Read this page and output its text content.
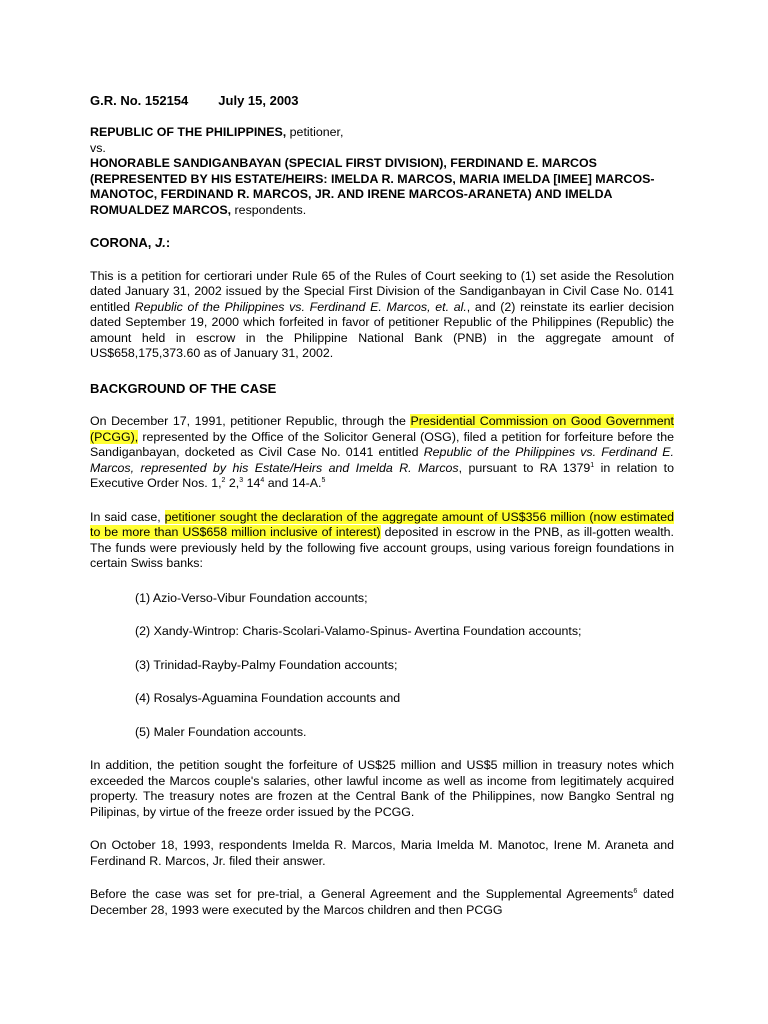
G.R. No. 152154 July 15, 2003

REPUBLIC OF THE PHILIPPINES, petitioner,

vs.

HONORABLE SANDIGANBAYAN (SPECIAL FIRST DIVISION), FERDINAND E. MARCOS (REPRESENTED BY HIS ESTATE/HEIRS: IMELDA R. MARCOS, MARIA IMELDA [IMEE] MARCOS-MANOTOC, FERDINAND R. MARCOS, JR. AND IRENE MARCOS-ARANETA) AND IMELDA ROMUALDEZ MARCOS, respondents.

CORONA, J.:

This is a petition for certiorari under Rule 65 of the Rules of Court seeking to (1) set aside the Resolution dated January 31, 2002 issued by the Special First Division of the Sandiganbayan in Civil Case No. 0141 entitled Republic of the Philippines vs. Ferdinand E. Marcos, et. al., and (2) reinstate its earlier decision dated September 19, 2000 which forfeited in favor of petitioner Republic of the Philippines (Republic) the amount held in escrow in the Philippine National Bank (PNB) in the aggregate amount of US$658,175,373.60 as of January 31, 2002.

BACKGROUND OF THE CASE

On December 17, 1991, petitioner Republic, through the Presidential Commission on Good Government (PCGG), represented by the Office of the Solicitor General (OSG), filed a petition for forfeiture before the Sandiganbayan, docketed as Civil Case No. 0141 entitled Republic of the Philippines vs. Ferdinand E. Marcos, represented by his Estate/Heirs and Imelda R. Marcos, pursuant to RA 1379$^1$ in relation to Executive Order Nos. 1,$^2$ 2,$^3$ $14^4$ and 14-A.$^5$

In said case, petitioner sought the declaration of the aggregate amount of US$356 million (now estimated to be more than US$658 million inclusive of interest) deposited in escrow in the PNB, as ill-gotten wealth. The funds were previously held by the following five account groups, using various foreign foundations in certain Swiss banks:

(1) Azio-Verso-Vibur Foundation accounts;
(2) Xandy-Wintrop: Charis-Scolari-Valamo-Spinus- Avertina Foundation accounts;
(3) Trinidad-Rayby-Palmy Foundation accounts;
(4) Rosalys-Aguamina Foundation accounts and
(5) Maler Foundation accounts.

In addition, the petition sought the forfeiture of US$25 million and US$5 million in treasury notes which exceeded the Marcos couple's salaries, other lawful income as well as income from legitimately acquired property. The treasury notes are frozen at the Central Bank of the Philippines, now Bangko Sentral ng Pilipinas, by virtue of the freeze order issued by the PCGG.

On October 18, 1993, respondents Imelda R. Marcos, Maria Imelda M. Manotoc, Irene M. Araneta and Ferdinand R. Marcos, Jr. filed their answer.

Before the case was set for pre-trial, a General Agreement and the Supplemental Agreements$^6$ dated December 28, 1993 were executed by the Marcos children and then PCGG
